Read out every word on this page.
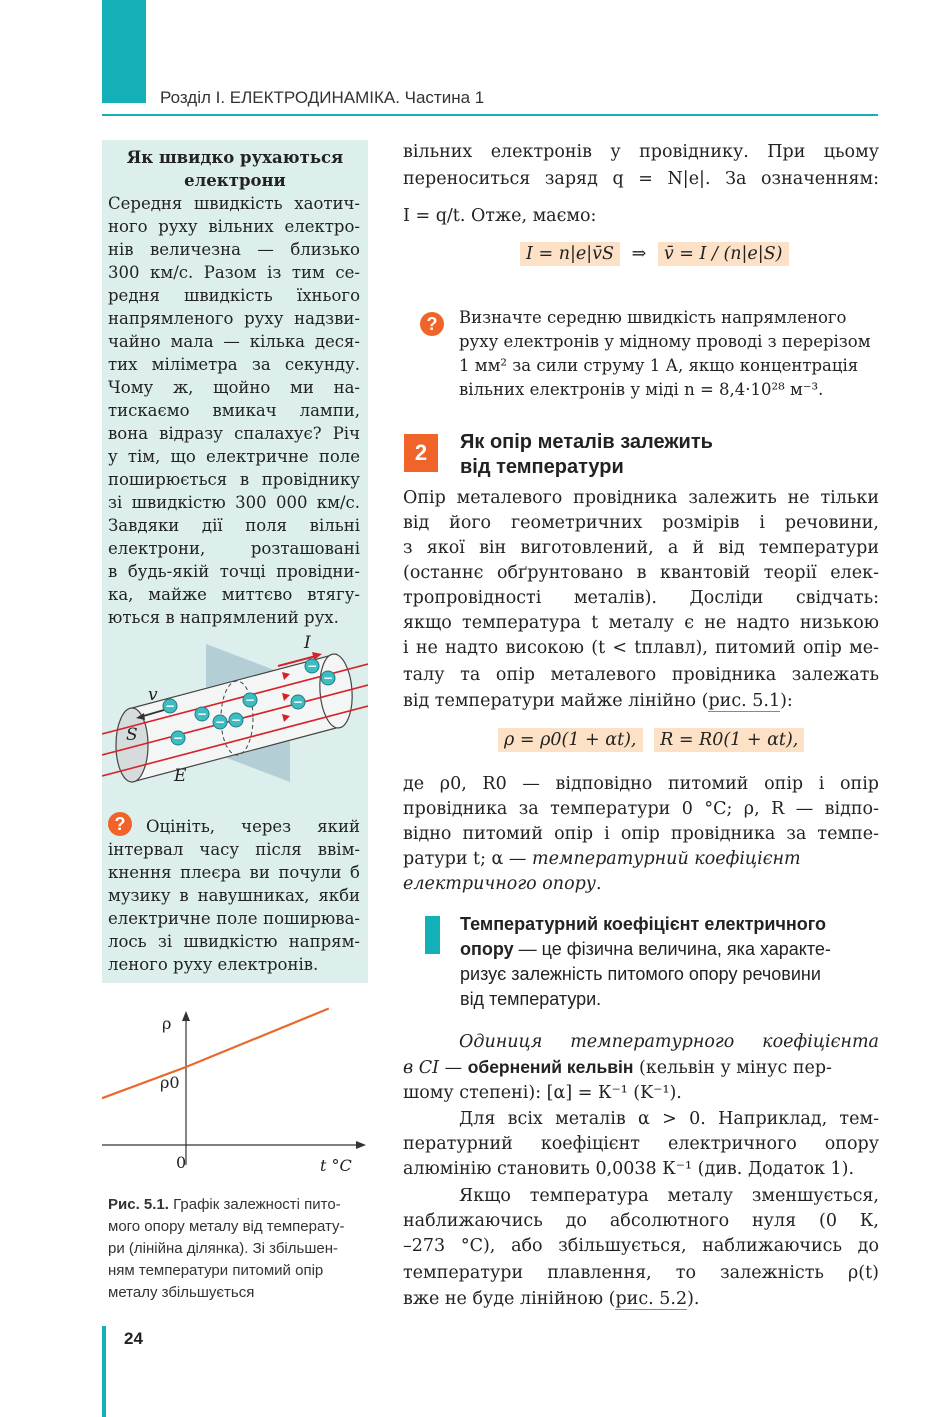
Розділ I. ЕЛЕКТРОДИНАМІКА. Частина 1
Як швидко рухаються
електрони
Середня швидкість хаотич-
ного руху вільних електро-
нів величезна — близько
300 км/с. Разом із тим се-
редня швидкість їхнього
напрямленого руху надзви-
чайно мала — кілька деся-
тих міліметра за секунду.
Чому ж, щойно ми на-
тискаємо вмикач лампи,
вона відразу спалахує? Річ
у тім, що електричне поле
поширюється в провіднику
зі швидкістю 300 000 км/с.
Завдяки дії поля вільні
електрони, розташовані
в будь-якій точці провідни-
ка, майже миттєво втягу-
ються в напрямлений рух.
I
v
S
E
−
−
−
−
−
−
−
−
−
?	Оцініть, через який
інтервал часу після ввім-
кнення плеєра ви почули б
музику в навушниках, якби
електричне поле поширюва-
лось зі швидкістю напрям-
леного руху електронів.
ρ
0	t °C
ρ0
Рис. 5.1. Графік залежності пито-
мого опору металу від температу-
ри (лінійна ділянка). Зі збільшен-
ням температури питомий опір
металу збільшується
вільних електронів у провіднику. При цьому
переноситься заряд q = N|e|. За означенням:
I = q/t. Отже, маємо:
I = n|e|v̄S ⇒ v̄ = I / (n|e|S)
?	Визначте середню швидкість напрямленого
руху електронів у мідному проводі з перерізом
1 мм² за сили струму 1 А, якщо концентрація
вільних електронів у міді n = 8,4·10²⁸ м⁻³.
2	Як опір металів залежить
від температури
Опір металевого провідника залежить не тільки
від його геометричних розмірів і речовини,
з якої він виготовлений, а й від температури
(останнє обґрунтовано в квантовій теорії елек-
тропровідності металів). Досліди свідчать:
якщо температура t металу є не надто низькою
і не надто високою (t < tплавл), питомий опір ме-
талу та опір металевого провідника залежать
від температури майже лінійно (рис. 5.1):
ρ = ρ0(1 + αt), R = R0(1 + αt),
де ρ0, R0 — відповідно питомий опір і опір
провідника за температури 0 °С; ρ, R — відпо-
відно питомий опір і опір провідника за темпе-
ратури t; α — температурний коефіцієнт
електричного опору.
Температурний коефіцієнт електричного
опору — це фізична величина, яка характе-
ризує залежність питомого опору речовини
від температури.
Одиниця температурного коефіцієнта
в СІ — обернений кельвін (кельвін у мінус пер-
шому степені): [α] = К⁻¹ (K⁻¹).
Для всіх металів α > 0. Наприклад, тем-
пературний коефіцієнт електричного опору
алюмінію становить 0,0038 К⁻¹ (див. Додаток 1).
Якщо температура металу зменшується,
наближаючись до абсолютного нуля (0 К,
–273 °С), або збільшується, наближаючись до
температури плавлення, то залежність ρ(t)
вже не буде лінійною (рис. 5.2).
24
